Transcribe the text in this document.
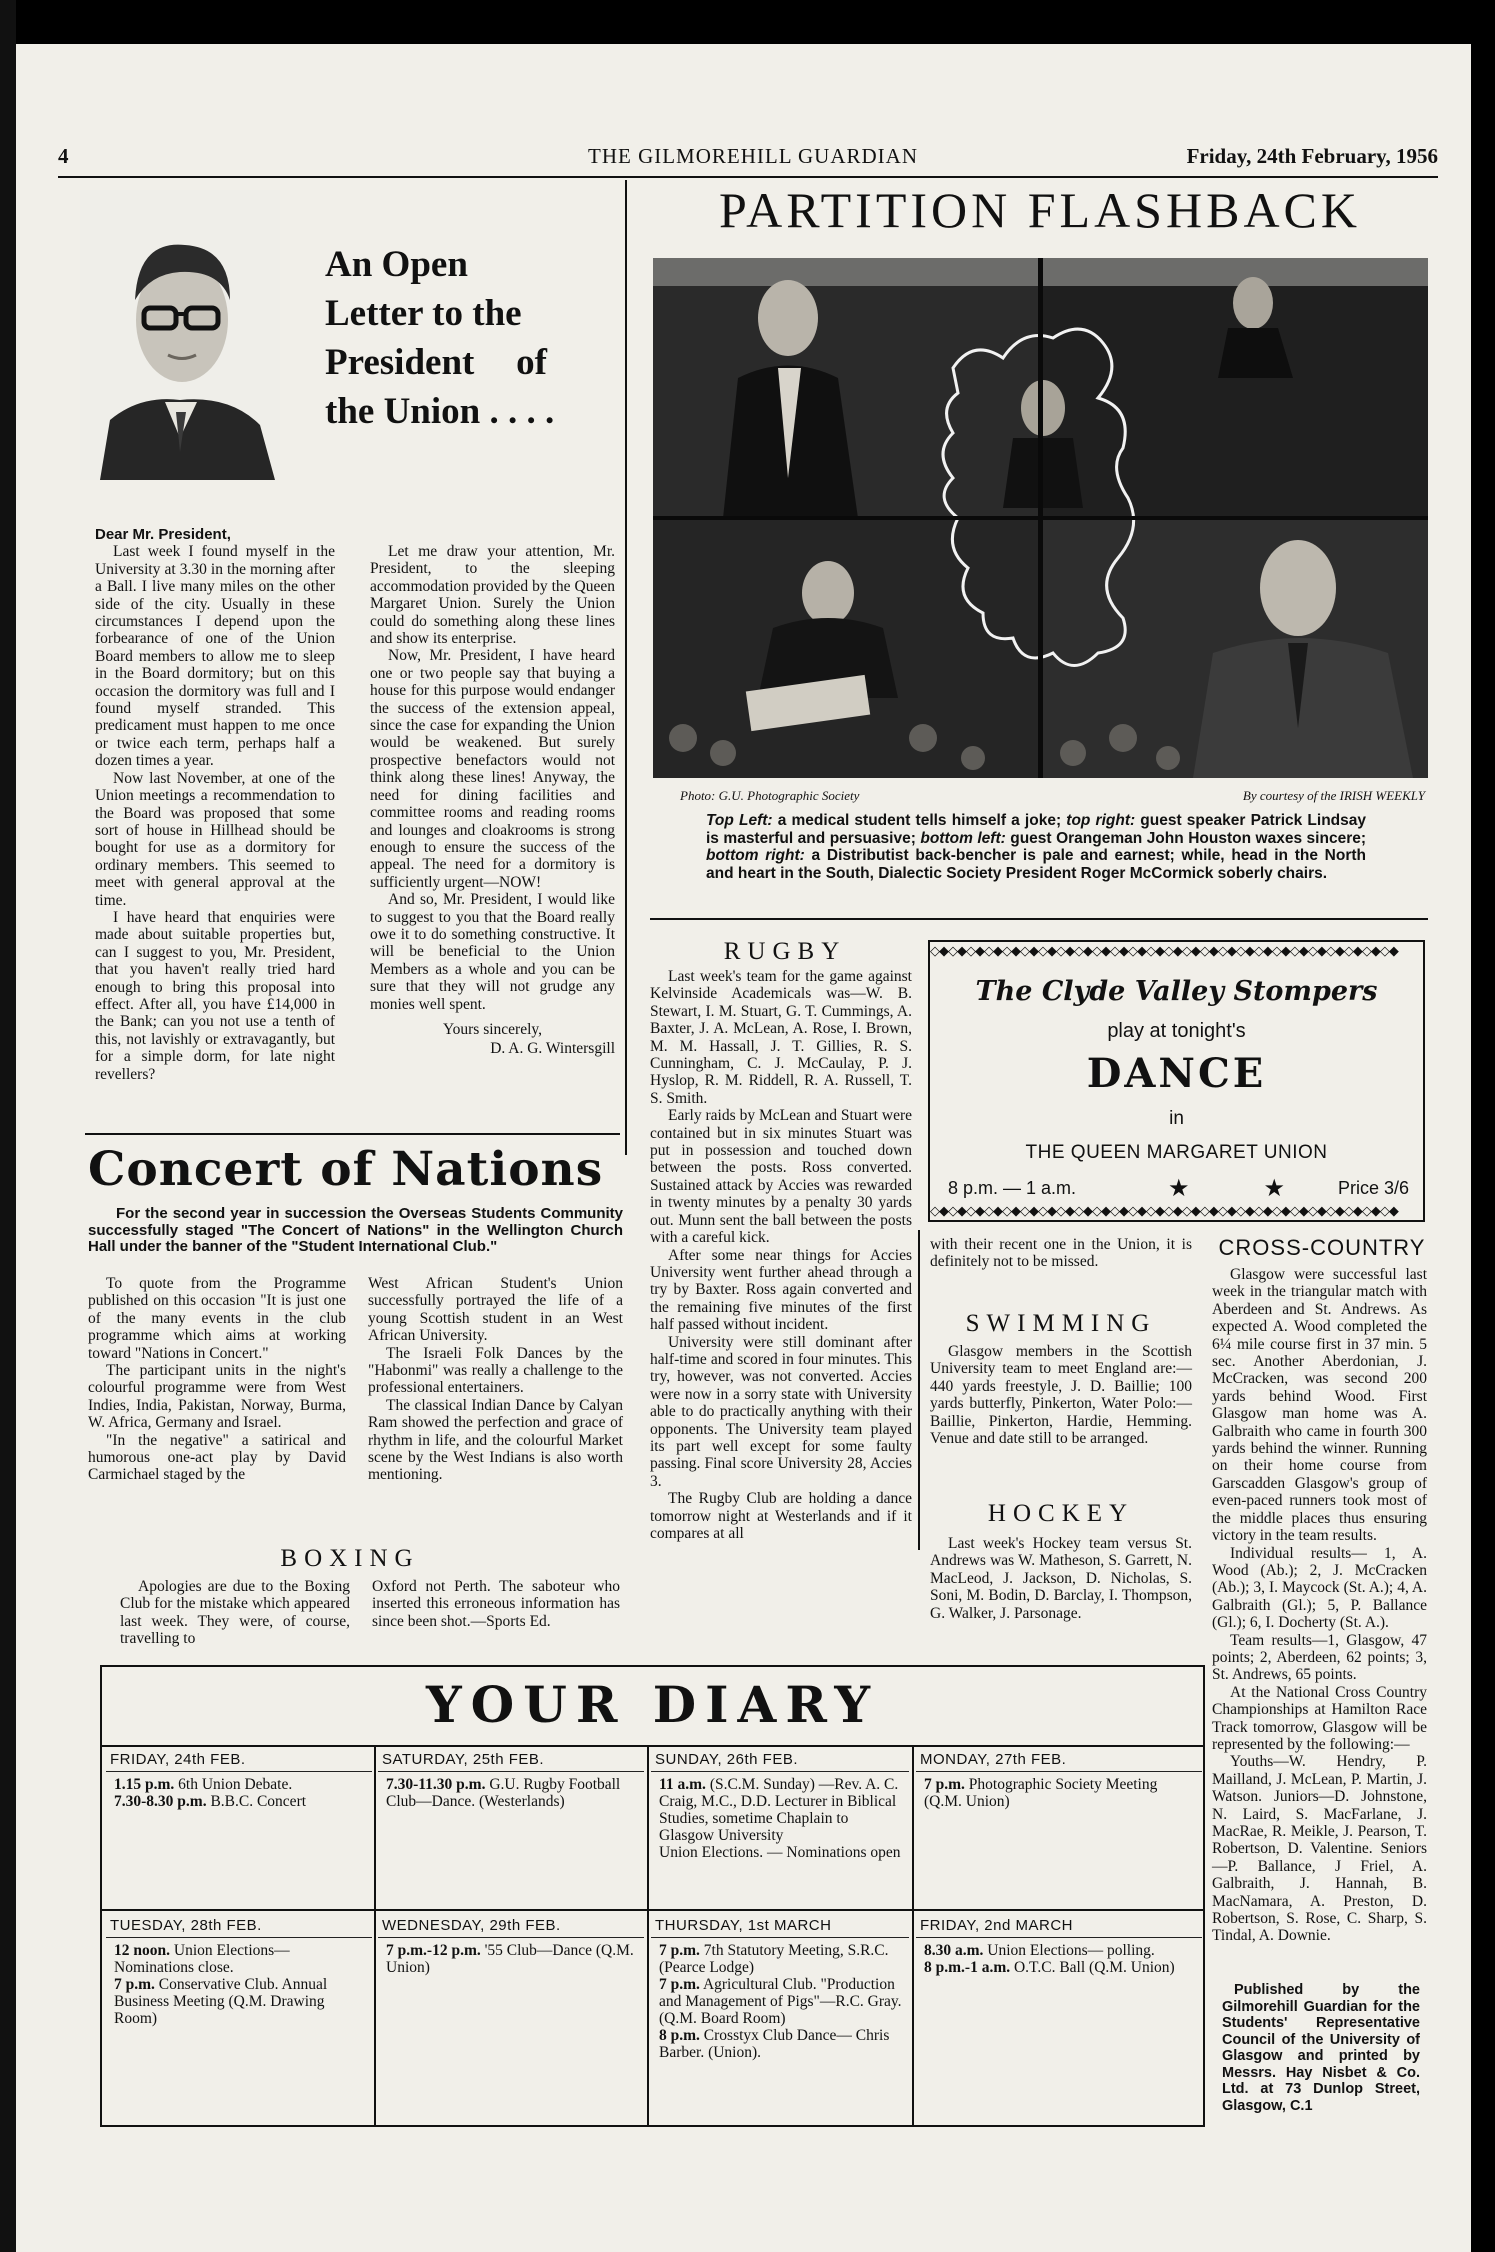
4	THE GILMOREHILL GUARDIAN	Friday, 24th February, 1956
An Open
Letter to the
President of
the Union . . . .
Dear Mr. President,

Last week I found myself in the University at 3.30 in the morning after a Ball. I live many miles on the other side of the city. Usually in these circumstances I depend upon the forbearance of one of the Union Board members to allow me to sleep in the Board dormitory; but on this occasion the dormitory was full and I found myself stranded. This predicament must happen to me once or twice each term, perhaps half a dozen times a year.

Now last November, at one of the Union meetings a recommendation to the Board was proposed that some sort of house in Hillhead should be bought for use as a dormitory for ordinary members. This seemed to meet with general approval at the time.

I have heard that enquiries were made about suitable properties but, can I suggest to you, Mr. President, that you haven't really tried hard enough to bring this proposal into effect. After all, you have £14,000 in the Bank; can you not use a tenth of this, not lavishly or extravagantly, but for a simple dorm, for late night revellers?

Let me draw your attention, Mr. President, to the sleeping accommodation provided by the Queen Margaret Union. Surely the Union could do something along these lines and show its enterprise.

Now, Mr. President, I have heard one or two people say that buying a house for this purpose would endanger the success of the extension appeal, since the case for expanding the Union would be weakened. But surely prospective benefactors would not think along these lines! Anyway, the need for dining facilities and committee rooms and reading rooms and lounges and cloakrooms is strong enough to ensure the success of the appeal. The need for a dormitory is sufficiently urgent—NOW!

And so, Mr. President, I would like to suggest to you that the Board really owe it to do something constructive. It will be beneficial to the Union Members as a whole and you can be sure that they will not grudge any monies well spent.

Yours sincerely,
D. A. G. Wintersgill
Concert of Nations
For the second year in succession the Overseas Students Community successfully staged "The Concert of Nations" in the Wellington Church Hall under the banner of the "Student International Club."

To quote from the Programme published on this occasion "It is just one of the many events in the club programme which aims at working toward "Nations in Concert."

The participant units in the night's colourful programme were from West Indies, India, Pakistan, Norway, Burma, W. Africa, Germany and Israel.

"In the negative" a satirical and humorous one-act play by David Carmichael staged by the

West African Student's Union successfully portrayed the life of a young Scottish student in an West African University.

The Israeli Folk Dances by the "Habonmi" was really a challenge to the professional entertainers.

The classical Indian Dance by Calyan Ram showed the perfection and grace of rhythm in life, and the colourful Market scene by the West Indians is also worth mentioning.

BOXING

Apologies are due to the Boxing Club for the mistake which appeared last week. They were, of course, travelling to

Oxford not Perth. The saboteur who inserted this erroneous information has since been shot.—Sports Ed.

PARTITION FLASHBACK
Photo: G.U. Photographic Society	By courtesy of the IRISH WEEKLY
Top Left: a medical student tells himself a joke; top right: guest speaker Patrick Lindsay is masterful and persuasive; bottom left: guest Orangeman John Houston waxes sincere; bottom right: a Distributist back-bencher is pale and earnest; while, head in the North and heart in the South, Dialectic Society President Roger McCormick soberly chairs.
RUGBY

Last week's team for the game against Kelvinside Academicals was—W. B. Stewart, I. M. Stuart, G. T. Cummings, A. Baxter, J. A. McLean, A. Rose, I. Brown, M. M. Hassall, J. T. Gillies, R. S. Cunningham, C. J. McCaulay, P. J. Hyslop, R. M. Riddell, R. A. Russell, T. S. Smith.

Early raids by McLean and Stuart were contained but in six minutes Stuart was put in possession and touched down between the posts. Ross converted. Sustained attack by Accies was rewarded in twenty minutes by a penalty 30 yards out. Munn sent the ball between the posts with a careful kick.

After some near things for Accies University went further ahead through a try by Baxter. Ross again converted and the remaining five minutes of the first half passed without incident.

University were still dominant after half-time and scored in four minutes. This try, however, was not converted. Accies were now in a sorry state with University able to do practically anything with their opponents. The University team played its part well except for some faulty passing. Final score University 28, Accies 3.

The Rugby Club are holding a dance tomorrow night at Westerlands and if it compares at all

◇◆◇◆◇◆◇◆◇◆◇◆◇◆◇◆◇◆◇◆◇◆◇◆◇◆◇◆◇◆◇◆◇◆◇◆◇◆◇◆◇◆◇◆◇◆◇◆◇◆◇◆
The Clyde Valley Stompers
play at tonight's
DANCE
in
THE QUEEN MARGARET UNION
8 p.m. — 1 a.m.	★ ★ Price 3/6
◇◆◇◆◇◆◇◆◇◆◇◆◇◆◇◆◇◆◇◆◇◆◇◆◇◆◇◆◇◆◇◆◇◆◇◆◇◆◇◆◇◆◇◆◇◆◇◆◇◆◇◆

with their recent one in the Union, it is definitely not to be missed.

SWIMMING

Glasgow members in the Scottish University team to meet England are:—440 yards freestyle, J. D. Baillie; 100 yards butterfly, Pinkerton, Water Polo:—Baillie, Pinkerton, Hardie, Hemming. Venue and date still to be arranged.

HOCKEY

Last week's Hockey team versus St. Andrews was W. Matheson, S. Garrett, N. MacLeod, J. Jackson, D. Nicholas, S. Soni, M. Bodin, D. Barclay, I. Thompson, G. Walker, J. Parsonage.

CROSS-COUNTRY

Glasgow were successful last week in the triangular match with Aberdeen and St. Andrews. As expected A. Wood completed the 6¼ mile course first in 37 min. 5 sec. Another Aberdonian, J. McCracken, was second 200 yards behind Wood. First Glasgow man home was A. Galbraith who came in fourth 300 yards behind the winner. Running on their home course from Garscadden Glasgow's group of even-paced runners took most of the middle places thus ensuring victory in the team results.

Individual results— 1, A. Wood (Ab.); 2, J. McCracken (Ab.); 3, I. Maycock (St. A.); 4, A. Galbraith (Gl.); 5, P. Ballance (Gl.); 6, I. Docherty (St. A.).

Team results—1, Glasgow, 47 points; 2, Aberdeen, 62 points; 3, St. Andrews, 65 points.

At the National Cross Country Championships at Hamilton Race Track tomorrow, Glasgow will be represented by the following:—

Youths—W. Hendry, P. Mailland, J. McLean, P. Martin, J. Watson. Juniors—D. Johnstone, N. Laird, S. MacFarlane, J. MacRae, R. Meikle, J. Pearson, T. Robertson, D. Valentine. Seniors—P. Ballance, J Friel, A. Galbraith, J. Hannah, B. MacNamara, A. Preston, D. Robertson, S. Rose, C. Sharp, S. Tindal, A. Downie.

Published by the Gilmorehill Guardian for the Students' Representative Council of the University of Glasgow and printed by Messrs. Hay Nisbet & Co. Ltd. at 73 Dunlop Street, Glasgow, C.1
YOUR DIARY
FRIDAY, 24th FEB.
1.15 p.m. 6th Union Debate.
7.30-8.30 p.m. B.B.C. Concert
SATURDAY, 25th FEB.
7.30-11.30 p.m. G.U. Rugby Football Club—Dance. (Westerlands)
SUNDAY, 26th FEB.
11 a.m. (S.C.M. Sunday) —Rev. A. C. Craig, M.C., D.D. Lecturer in Biblical Studies, sometime Chaplain to Glasgow University
Union Elections. — Nominations open
MONDAY, 27th FEB.
7 p.m. Photographic Society Meeting (Q.M. Union)
TUESDAY, 28th FEB.
12 noon. Union Elections— Nominations close.
7 p.m. Conservative Club. Annual Business Meeting (Q.M. Drawing Room)
WEDNESDAY, 29th FEB.
7 p.m.-12 p.m. '55 Club—Dance (Q.M. Union)
THURSDAY, 1st MARCH
7 p.m. 7th Statutory Meeting, S.R.C. (Pearce Lodge)
7 p.m. Agricultural Club. "Production and Management of Pigs"—R.C. Gray. (Q.M. Board Room)
8 p.m. Crosstyx Club Dance— Chris Barber. (Union).
FRIDAY, 2nd MARCH
8.30 a.m. Union Elections— polling.
8 p.m.-1 a.m. O.T.C. Ball (Q.M. Union)
